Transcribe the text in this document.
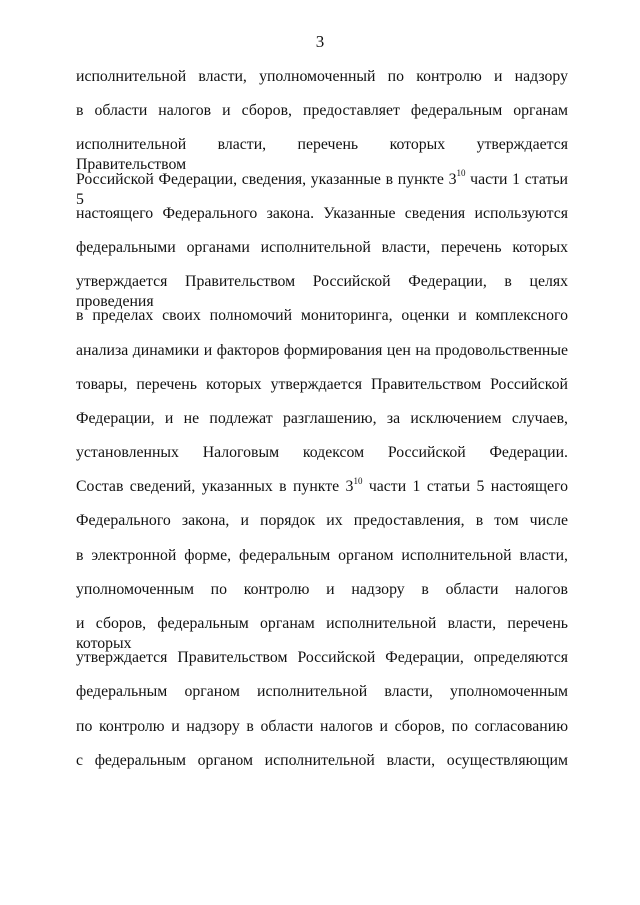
3
исполнительной власти, уполномоченный по контролю и надзору
в области налогов и сборов, предоставляет федеральным органам
исполнительной власти, перечень которых утверждается Правительством
Российской Федерации, сведения, указанные в пункте $3^{10}$ части 1 статьи 5
настоящего Федерального закона. Указанные сведения используются
федеральными органами исполнительной власти, перечень которых
утверждается Правительством Российской Федерации, в целях проведения
в пределах своих полномочий мониторинга, оценки и комплексного
анализа динамики и факторов формирования цен на продовольственные
товары, перечень которых утверждается Правительством Российской
Федерации, и не подлежат разглашению, за исключением случаев,
установленных Налоговым кодексом Российской Федерации.
Состав сведений, указанных в пункте $3^{10}$ части 1 статьи 5 настоящего
Федерального закона, и порядок их предоставления, в том числе
в электронной форме, федеральным органом исполнительной власти,
уполномоченным по контролю и надзору в области налогов
и сборов, федеральным органам исполнительной власти, перечень которых
утверждается Правительством Российской Федерации, определяются
федеральным органом исполнительной власти, уполномоченным
по контролю и надзору в области налогов и сборов, по согласованию
с федеральным органом исполнительной власти, осуществляющим
